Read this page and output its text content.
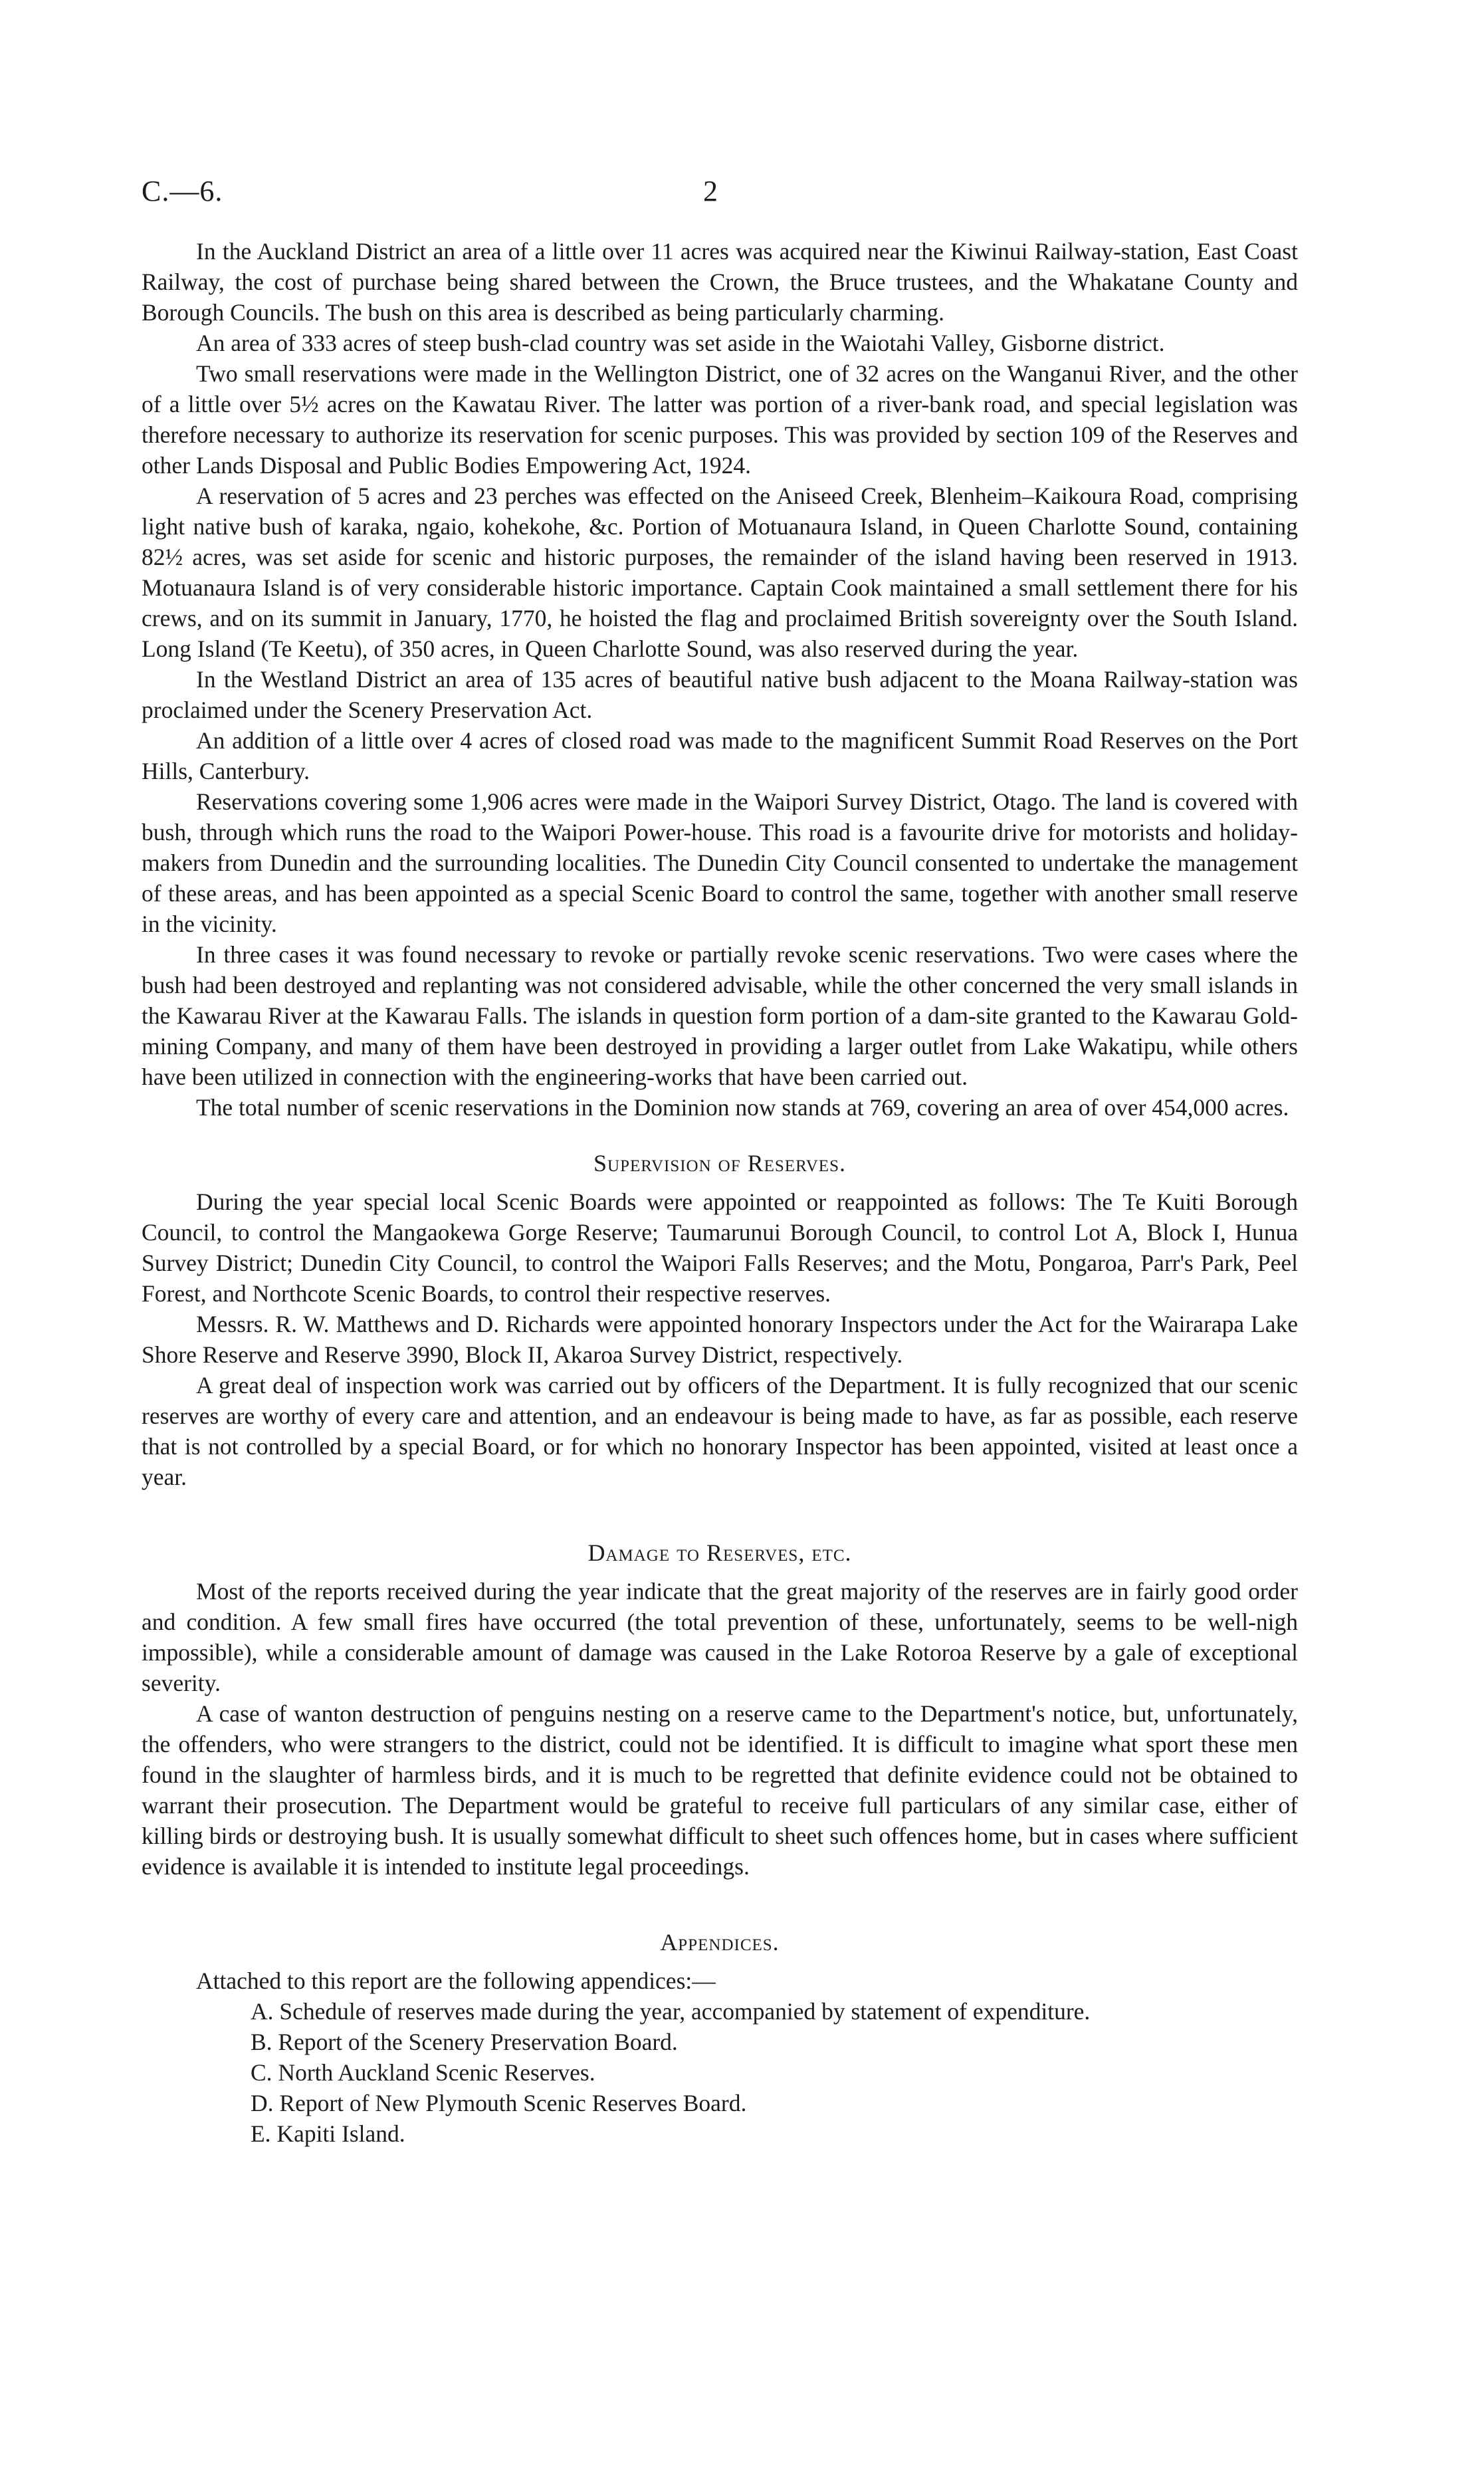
C.—6.	2

In the Auckland District an area of a little over 11 acres was acquired near the Kiwinui Railway-station, East Coast Railway, the cost of purchase being shared between the Crown, the Bruce trustees, and the Whakatane County and Borough Councils. The bush on this area is described as being particularly charming.

An area of 333 acres of steep bush-clad country was set aside in the Waiotahi Valley, Gisborne district.

Two small reservations were made in the Wellington District, one of 32 acres on the Wanganui River, and the other of a little over 5½ acres on the Kawatau River. The latter was portion of a river-bank road, and special legislation was therefore necessary to authorize its reservation for scenic purposes. This was provided by section 109 of the Reserves and other Lands Disposal and Public Bodies Empowering Act, 1924.

A reservation of 5 acres and 23 perches was effected on the Aniseed Creek, Blenheim–Kaikoura Road, comprising light native bush of karaka, ngaio, kohekohe, &c. Portion of Motuanaura Island, in Queen Charlotte Sound, containing 82½ acres, was set aside for scenic and historic purposes, the remainder of the island having been reserved in 1913. Motuanaura Island is of very considerable historic importance. Captain Cook maintained a small settlement there for his crews, and on its summit in January, 1770, he hoisted the flag and proclaimed British sovereignty over the South Island. Long Island (Te Keetu), of 350 acres, in Queen Charlotte Sound, was also reserved during the year.

In the Westland District an area of 135 acres of beautiful native bush adjacent to the Moana Railway-station was proclaimed under the Scenery Preservation Act.

An addition of a little over 4 acres of closed road was made to the magnificent Summit Road Reserves on the Port Hills, Canterbury.

Reservations covering some 1,906 acres were made in the Waipori Survey District, Otago. The land is covered with bush, through which runs the road to the Waipori Power-house. This road is a favourite drive for motorists and holiday-makers from Dunedin and the surrounding localities. The Dunedin City Council consented to undertake the management of these areas, and has been appointed as a special Scenic Board to control the same, together with another small reserve in the vicinity.

In three cases it was found necessary to revoke or partially revoke scenic reservations. Two were cases where the bush had been destroyed and replanting was not considered advisable, while the other concerned the very small islands in the Kawarau River at the Kawarau Falls. The islands in question form portion of a dam-site granted to the Kawarau Gold-mining Company, and many of them have been destroyed in providing a larger outlet from Lake Wakatipu, while others have been utilized in connection with the engineering-works that have been carried out.

The total number of scenic reservations in the Dominion now stands at 769, covering an area of over 454,000 acres.

Supervision of Reserves.

During the year special local Scenic Boards were appointed or reappointed as follows: The Te Kuiti Borough Council, to control the Mangaokewa Gorge Reserve; Taumarunui Borough Council, to control Lot A, Block I, Hunua Survey District; Dunedin City Council, to control the Waipori Falls Reserves; and the Motu, Pongaroa, Parr's Park, Peel Forest, and Northcote Scenic Boards, to control their respective reserves.

Messrs. R. W. Matthews and D. Richards were appointed honorary Inspectors under the Act for the Wairarapa Lake Shore Reserve and Reserve 3990, Block II, Akaroa Survey District, respectively.

A great deal of inspection work was carried out by officers of the Department. It is fully recognized that our scenic reserves are worthy of every care and attention, and an endeavour is being made to have, as far as possible, each reserve that is not controlled by a special Board, or for which no honorary Inspector has been appointed, visited at least once a year.

Damage to Reserves, etc.

Most of the reports received during the year indicate that the great majority of the reserves are in fairly good order and condition. A few small fires have occurred (the total prevention of these, unfortunately, seems to be well-nigh impossible), while a considerable amount of damage was caused in the Lake Rotoroa Reserve by a gale of exceptional severity.

A case of wanton destruction of penguins nesting on a reserve came to the Department's notice, but, unfortunately, the offenders, who were strangers to the district, could not be identified. It is difficult to imagine what sport these men found in the slaughter of harmless birds, and it is much to be regretted that definite evidence could not be obtained to warrant their prosecution. The Department would be grateful to receive full particulars of any similar case, either of killing birds or destroying bush. It is usually somewhat difficult to sheet such offences home, but in cases where sufficient evidence is available it is intended to institute legal proceedings.

Appendices.

Attached to this report are the following appendices:—

A. Schedule of reserves made during the year, accompanied by statement of expenditure.
B. Report of the Scenery Preservation Board.
C. North Auckland Scenic Reserves.
D. Report of New Plymouth Scenic Reserves Board.
E. Kapiti Island.
